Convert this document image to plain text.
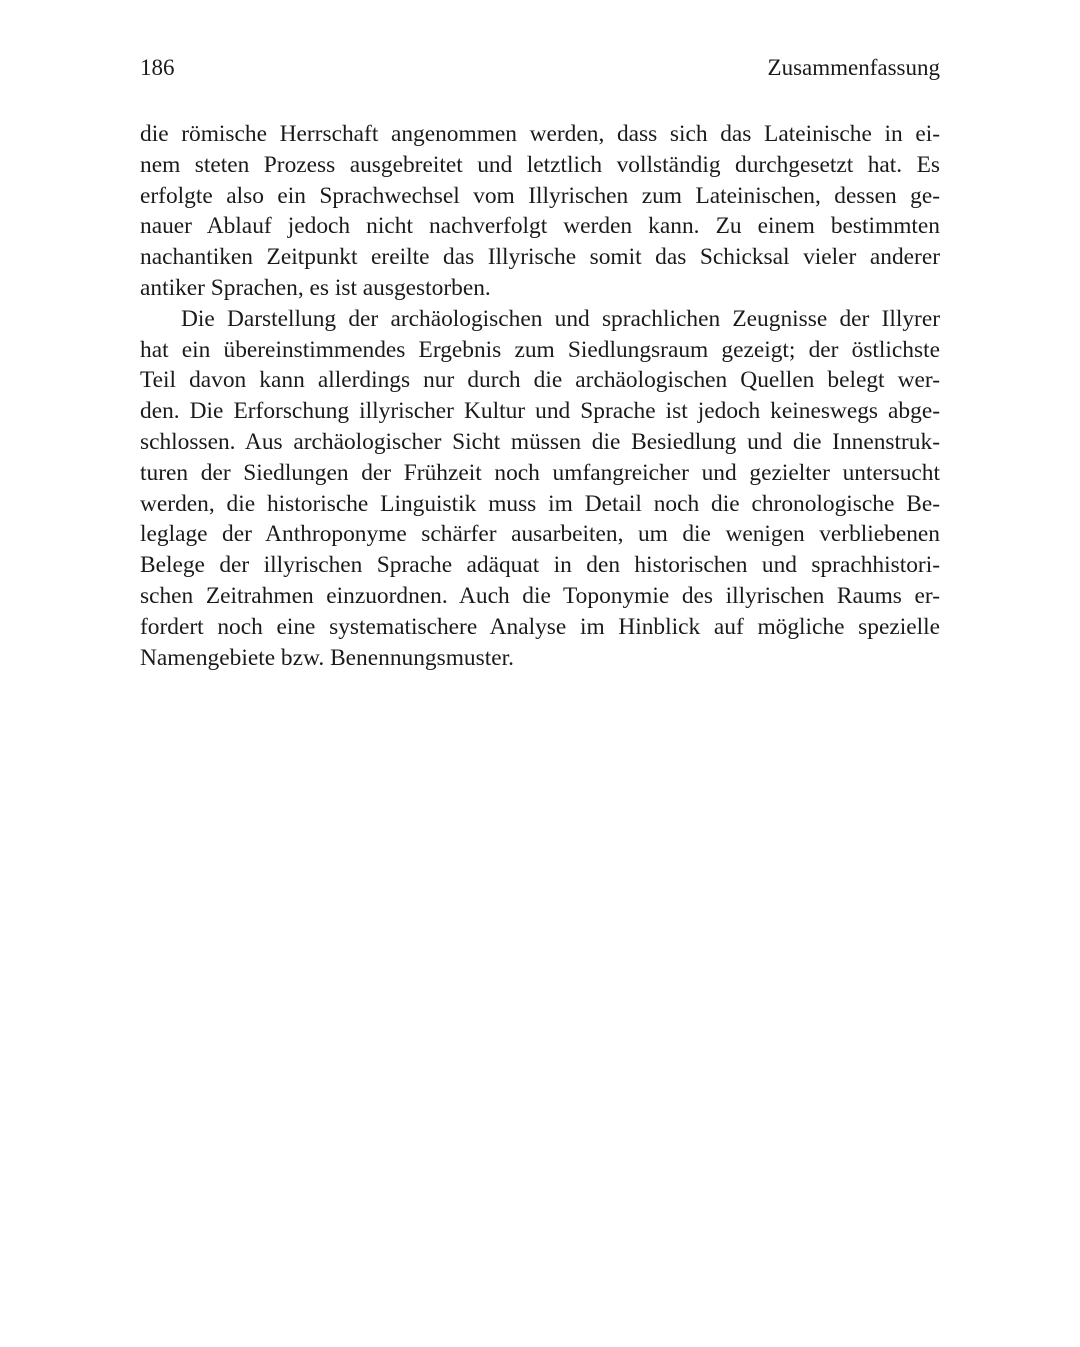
186	Zusammenfassung
die römische Herrschaft angenommen werden, dass sich das Lateinische in ei-
nem steten Prozess ausgebreitet und letztlich vollständig durchgesetzt hat. Es
erfolgte also ein Sprachwechsel vom Illyrischen zum Lateinischen, dessen ge-
nauer Ablauf jedoch nicht nachverfolgt werden kann. Zu einem bestimmten
nachantiken Zeitpunkt ereilte das Illyrische somit das Schicksal vieler anderer
antiker Sprachen, es ist ausgestorben.
Die Darstellung der archäologischen und sprachlichen Zeugnisse der Illyrer
hat ein übereinstimmendes Ergebnis zum Siedlungsraum gezeigt; der östlichste
Teil davon kann allerdings nur durch die archäologischen Quellen belegt wer-
den. Die Erforschung illyrischer Kultur und Sprache ist jedoch keineswegs abge-
schlossen. Aus archäologischer Sicht müssen die Besiedlung und die Innenstruk-
turen der Siedlungen der Frühzeit noch umfangreicher und gezielter untersucht
werden, die historische Linguistik muss im Detail noch die chronologische Be-
leglage der Anthroponyme schärfer ausarbeiten, um die wenigen verbliebenen
Belege der illyrischen Sprache adäquat in den historischen und sprachhistori-
schen Zeitrahmen einzuordnen. Auch die Toponymie des illyrischen Raums er-
fordert noch eine systematischere Analyse im Hinblick auf mögliche spezielle
Namengebiete bzw. Benennungsmuster.
